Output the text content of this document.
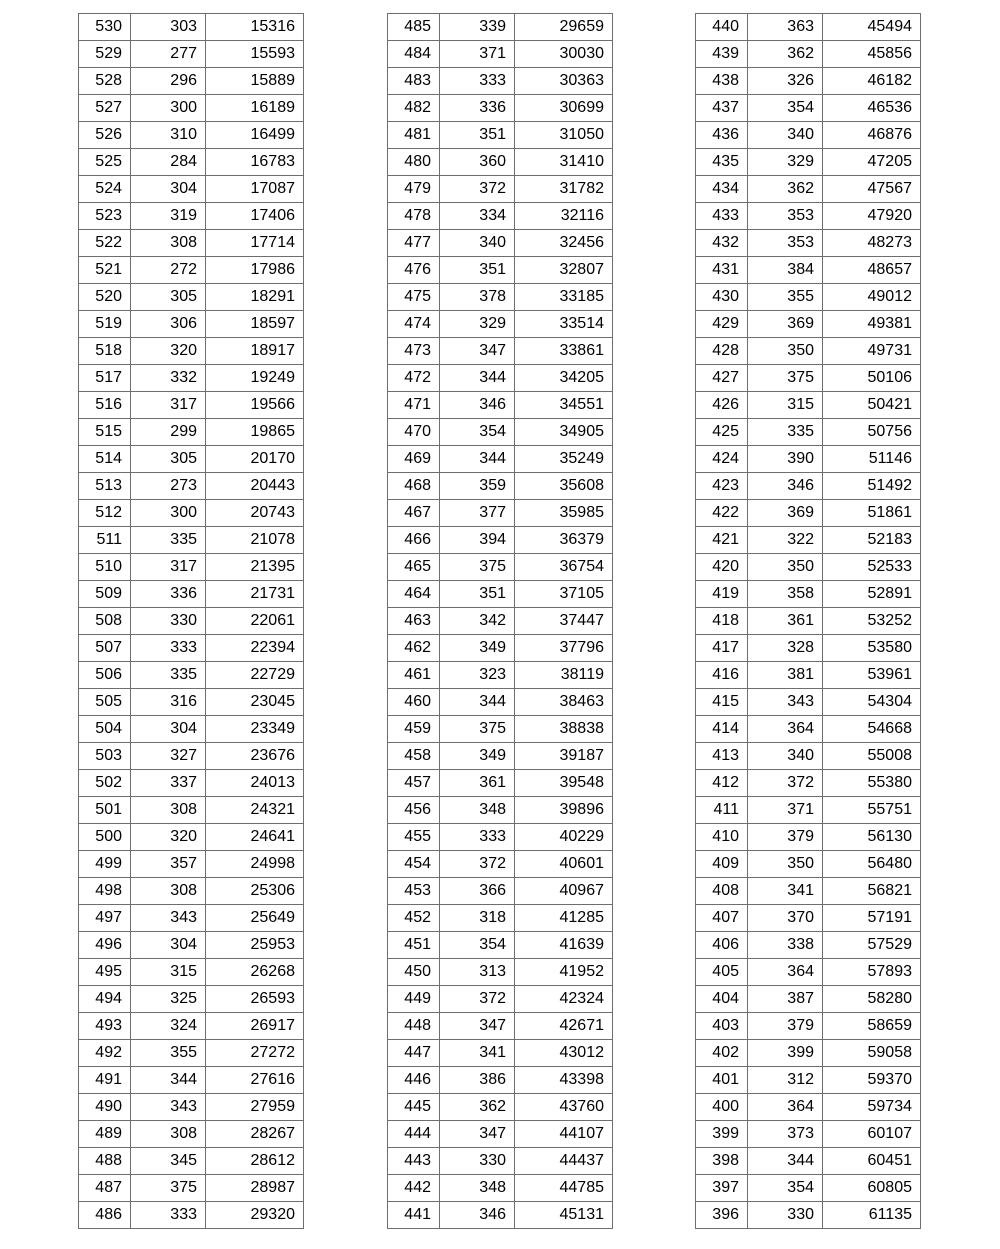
530	303	15316
529	277	15593
528	296	15889
527	300	16189
526	310	16499
525	284	16783
524	304	17087
523	319	17406
522	308	17714
521	272	17986
520	305	18291
519	306	18597
518	320	18917
517	332	19249
516	317	19566
515	299	19865
514	305	20170
513	273	20443
512	300	20743
511	335	21078
510	317	21395
509	336	21731
508	330	22061
507	333	22394
506	335	22729
505	316	23045
504	304	23349
503	327	23676
502	337	24013
501	308	24321
500	320	24641
499	357	24998
498	308	25306
497	343	25649
496	304	25953
495	315	26268
494	325	26593
493	324	26917
492	355	27272
491	344	27616
490	343	27959
489	308	28267
488	345	28612
487	375	28987
486	333	29320
485	339	29659
484	371	30030
483	333	30363
482	336	30699
481	351	31050
480	360	31410
479	372	31782
478	334	32116
477	340	32456
476	351	32807
475	378	33185
474	329	33514
473	347	33861
472	344	34205
471	346	34551
470	354	34905
469	344	35249
468	359	35608
467	377	35985
466	394	36379
465	375	36754
464	351	37105
463	342	37447
462	349	37796
461	323	38119
460	344	38463
459	375	38838
458	349	39187
457	361	39548
456	348	39896
455	333	40229
454	372	40601
453	366	40967
452	318	41285
451	354	41639
450	313	41952
449	372	42324
448	347	42671
447	341	43012
446	386	43398
445	362	43760
444	347	44107
443	330	44437
442	348	44785
441	346	45131
440	363	45494
439	362	45856
438	326	46182
437	354	46536
436	340	46876
435	329	47205
434	362	47567
433	353	47920
432	353	48273
431	384	48657
430	355	49012
429	369	49381
428	350	49731
427	375	50106
426	315	50421
425	335	50756
424	390	51146
423	346	51492
422	369	51861
421	322	52183
420	350	52533
419	358	52891
418	361	53252
417	328	53580
416	381	53961
415	343	54304
414	364	54668
413	340	55008
412	372	55380
411	371	55751
410	379	56130
409	350	56480
408	341	56821
407	370	57191
406	338	57529
405	364	57893
404	387	58280
403	379	58659
402	399	59058
401	312	59370
400	364	59734
399	373	60107
398	344	60451
397	354	60805
396	330	61135
